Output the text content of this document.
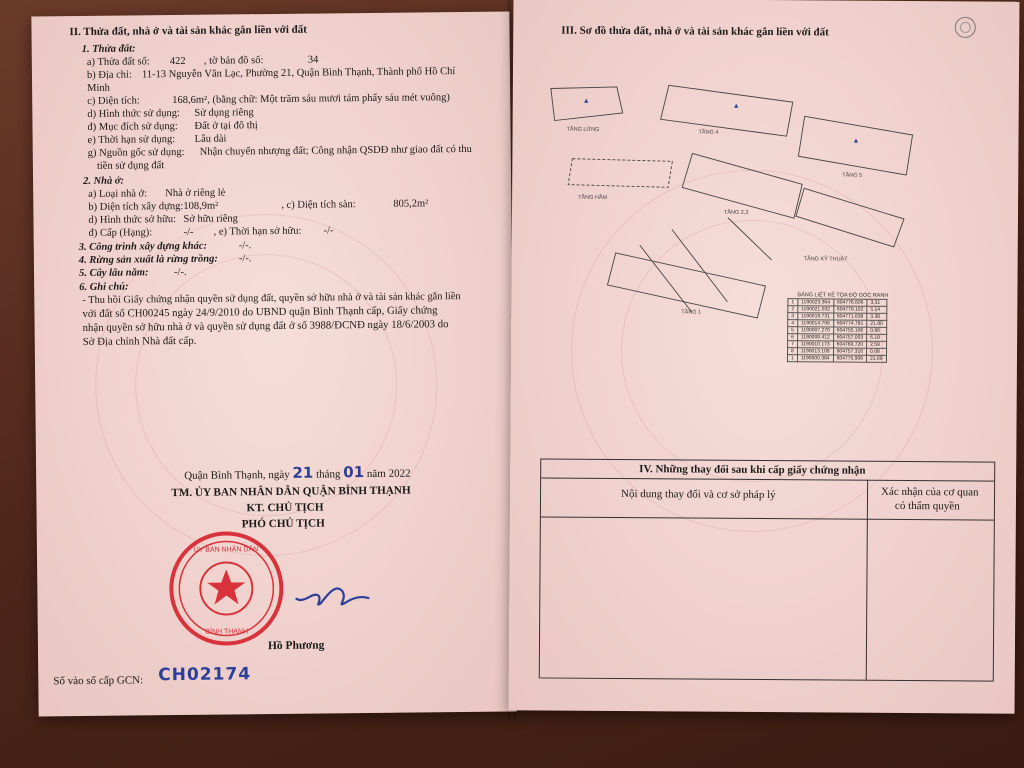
II. Thửa đất, nhà ở và tài sản khác gắn liền với đất
1. Thửa đất:
a) Thửa đất số: 422 , tờ bản đồ số:	34
b) Địa chỉ: 11-13 Nguyễn Văn Lạc, Phường 21, Quận Bình Thạnh, Thành phố Hồ Chí
Minh
c) Diện tích:	168,6m², (bằng chữ: Một trăm sáu mươi tám phẩy sáu mét vuông)
d) Hình thức sử dụng: Sử dụng riêng
đ) Mục đích sử dụng: Đất ở tại đô thị
e) Thời hạn sử dụng: Lâu dài
g) Nguồn gốc sử dụng: Nhận chuyển nhượng đất; Công nhận QSDĐ như giao đất có thu
tiền sử dụng đất
2. Nhà ở:
a) Loại nhà ở: Nhà ở riêng lẻ
b) Diện tích xây dựng: 108,9m²	, c) Diện tích sàn:	805,2m²
d) Hình thức sở hữu: Sở hữu riêng
đ) Cấp (Hạng):	-/- , e) Thời hạn sở hữu: -/-
3. Công trình xây dựng khác:	-/-.
4. Rừng sản xuất là rừng trồng: -/-.
5. Cây lâu năm: -/-.
6. Ghi chú:
- Thu hồi Giấy chứng nhận quyền sử dụng đất, quyền sở hữu nhà ở và tài sản khác gắn liền
với đất số CH00245 ngày 24/9/2010 do UBND quận Bình Thạnh cấp, Giấy chứng
nhận quyền sở hữu nhà ở và quyền sử dụng đất ở số 3988/ĐCNĐ ngày 18/6/2003 do
Sở Địa chính Nhà đất cấp.
Quận Bình Thạnh, ngày 21 tháng 01 năm 2022
TM. ỦY BAN NHÂN DÂN QUẬN BÌNH THẠNH
KT. CHỦ TỊCH
PHÓ CHỦ TỊCH
ỦY BAN NHÂN DÂN
BÌNH THẠNH
Hồ Phương
Số vào sổ cấp GCN: CH02174
III. Sơ đồ thửa đất, nhà ở và tài sản khác gắn liền với đất
▲
▲
▲
TẦNG LỬNG	TẦNG 4
TẦNG 5
TẦNG HẦM
TẦNG 2,3
TẦNG KỸ THUẬT
TẦNG 1
BẢNG LIỆT KÊ TỌA ĐỘ GÓC RANH
1	1190023.364	604776.606	3.31
2	1190021.032	604779.102	5.14
3	1190019.731	604771.639	3.30
4	1190014.706	604774.791	21.80
5	1190007.270	604755.106	0.86
6	1190008.412	604757.003	6.18
7	1190010.173	604760.720	2.59
8	1190013.108	604757.316	0.08
1	1190000.384	604775.906	21.69
IV. Những thay đổi sau khi cấp giấy chứng nhận
Nội dung thay đổi và cơ sở pháp lý	Xác nhận của cơ quan
có thẩm quyền
